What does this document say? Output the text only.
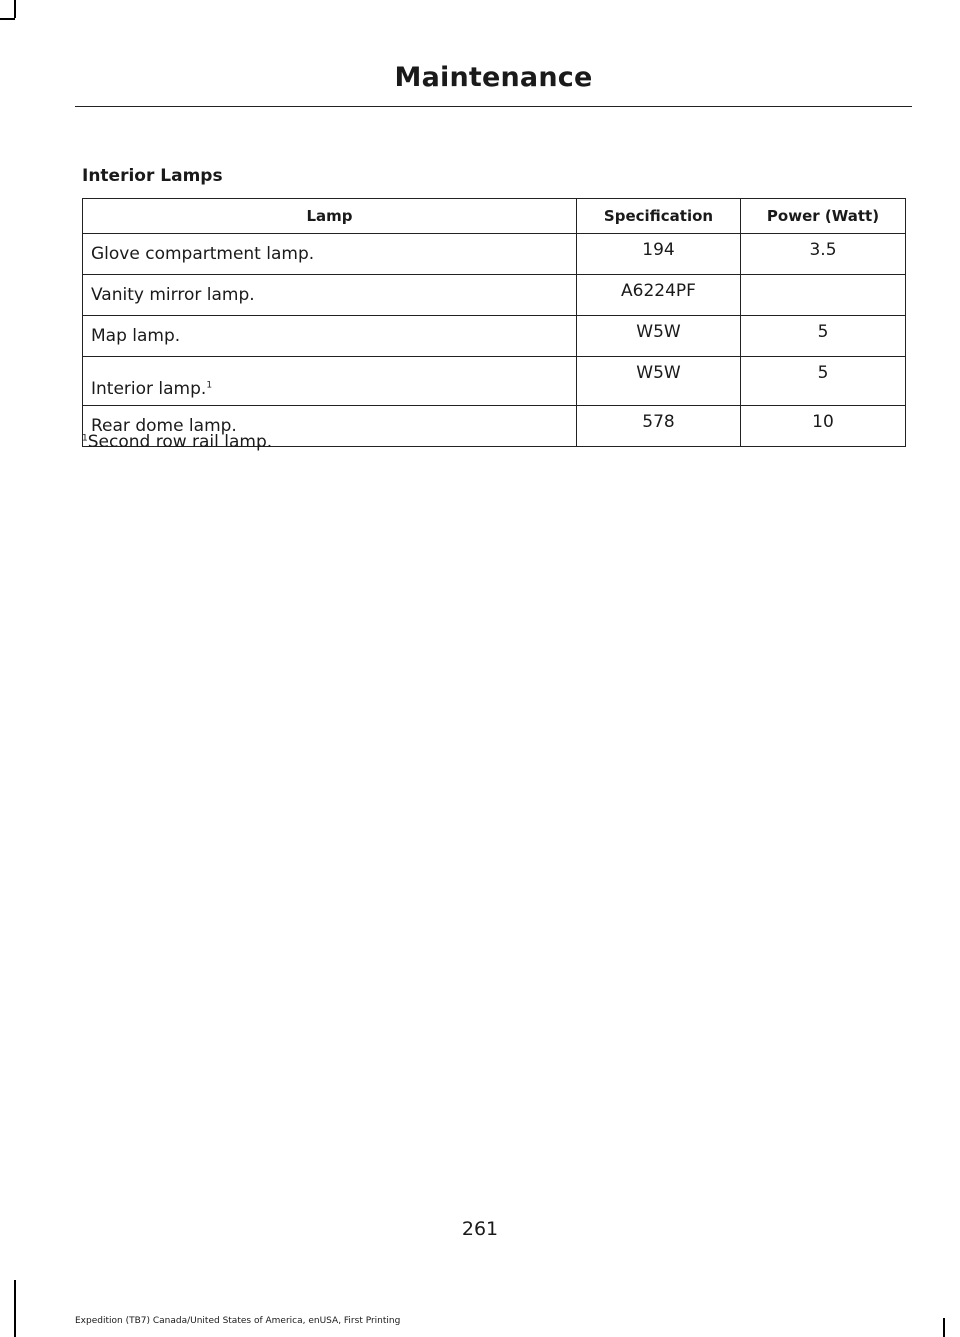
Maintenance
Interior Lamps
Lamp	Specification	Power (Watt)
Glove compartment lamp.	194	3.5
Vanity mirror lamp.	A6224PF	
Map lamp.	W5W	5
Interior lamp.$^1$	W5W	5
Rear dome lamp.	578	10
$^1$Second row rail lamp.
261
Expedition (TB7) Canada/United States of America, enUSA, First Printing
